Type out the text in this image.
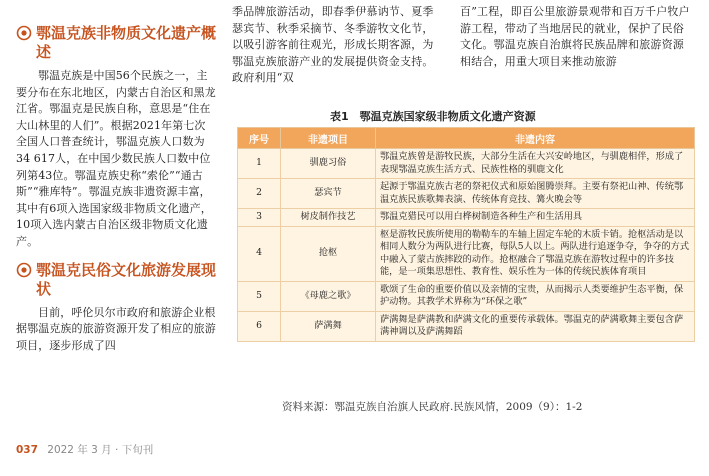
鄂温克族非物质文化遗产概述

鄂温克族是中国56个民族之一，主要分布在东北地区，内蒙古自治区和黑龙江省。鄂温克是民族自称，意思是“住在大山林里的人们”。根据2021年第七次全国人口普查统计，鄂温克族人口数为34 617人，在中国少数民族人口数中位列第43位。鄂温克族史称“索伦”“通古斯”“雅库特”。鄂温克族非遗资源丰富，其中有6项入选国家级非物质文化遗产，10项入选内蒙古自治区级非物质文化遗产。

鄂温克民俗文化旅游发展现状

目前，呼伦贝尔市政府和旅游企业根据鄂温克族的旅游资源开发了相应的旅游项目，逐步形成了四

季品牌旅游活动，即春季伊慕讷节、夏季瑟宾节、秋季采摘节、冬季游牧文化节，以吸引游客前往观光，形成长期客源，为鄂温克族旅游产业的发展提供资金支持。政府利用“双

百”工程，即百公里旅游景观带和百万千户牧户游工程，带动了当地居民的就业，保护了民俗文化。鄂温克族自治旗将民族品牌和旅游资源相结合，用重大项目来推动旅游

表1　鄂温克族国家级非物质文化遗产资源
序号	非遗项目	非遗内容
1	驯鹿习俗	鄂温克族曾是游牧民族，大部分生活在大兴安岭地区，与驯鹿相伴，形成了表现鄂温克族生活方式、民族性格的驯鹿文化
2	瑟宾节	起源于鄂温克族古老的祭祀仪式和原始图腾崇拜。主要有祭祀山神、传统鄂温克族民族歌舞表演、传统体育竞技、篝火晚会等
3	树皮制作技艺	鄂温克猎民可以用白桦树制造各种生产和生活用具
4	抢枢	枢是游牧民族所使用的勒勒车的车轴上固定车轮的木质卡销。抢枢活动是以相同人数分为两队进行比赛，每队5人以上。两队进行追逐争夺，争夺的方式中融入了蒙古族摔跤的动作。抢枢融合了鄂温克族在游牧过程中的许多技能，是一项集思想性、教育性、娱乐性为一体的传统民族体育项目
5	《母鹿之歌》	歌颂了生命的重要价值以及亲情的宝贵，从而揭示人类要维护生态平衡，保护动物。其教学术界称为“环保之歌”
6	萨满舞	萨满舞是萨满教和萨满文化的重要传承载体。鄂温克的萨满歌舞主要包含萨满神调以及萨满舞蹈
资料来源：鄂温克族自治旗人民政府.民族风情，2009（9）：1-2
037 2022 年 3 月 · 下旬刊
